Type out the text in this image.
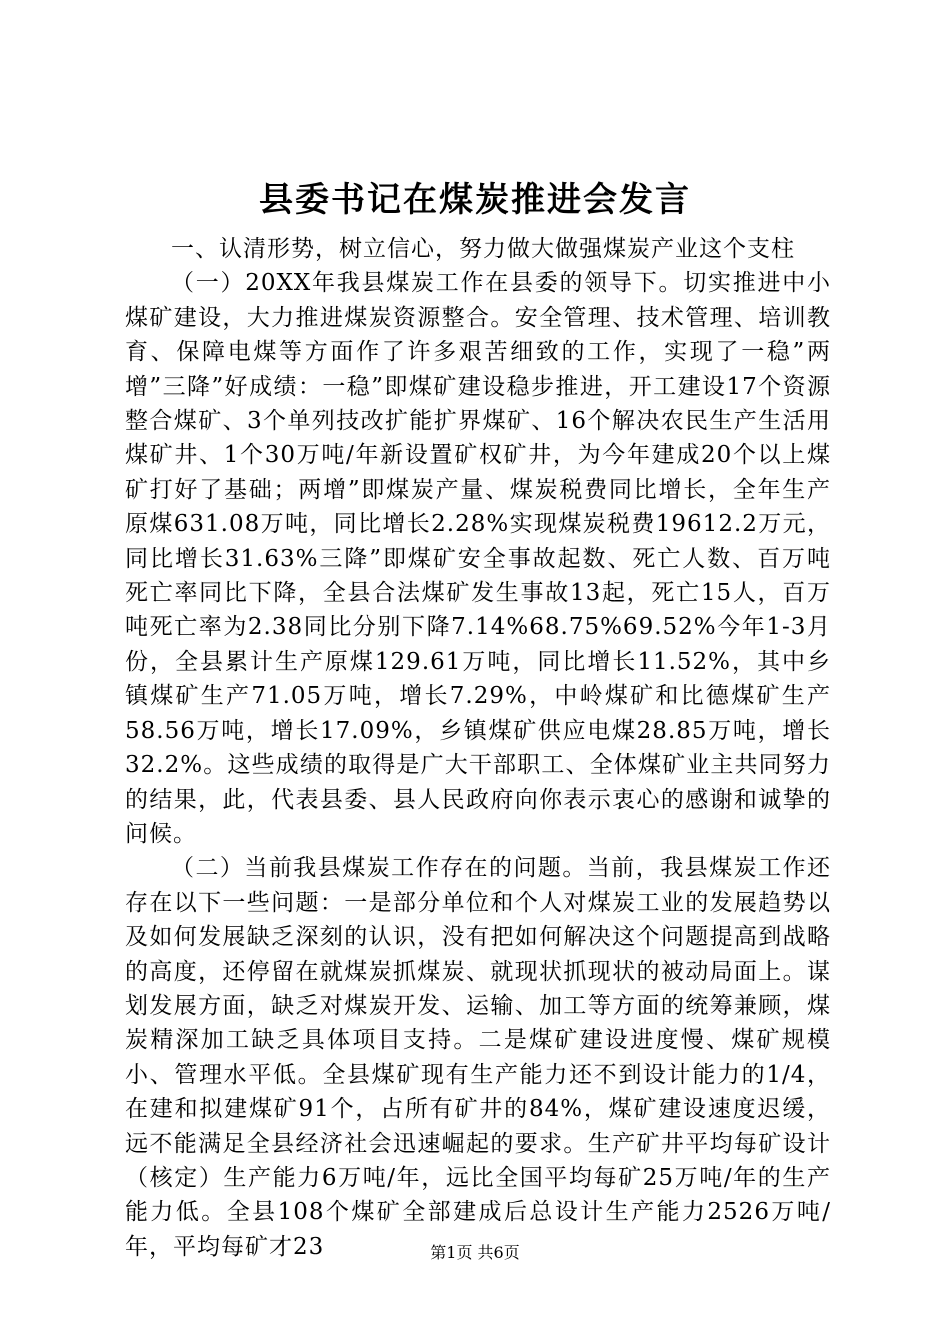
县委书记在煤炭推进会发言

一、认清形势，树立信心，努力做大做强煤炭产业这个支柱

（一）20XX年我县煤炭工作在县委的领导下。切实推进中小煤矿建设，大力推进煤炭资源整合。安全管理、技术管理、培训教育、保障电煤等方面作了许多艰苦细致的工作，实现了一稳”两增”三降”好成绩：一稳”即煤矿建设稳步推进，开工建设17个资源整合煤矿、3个单列技改扩能扩界煤矿、16个解决农民生产生活用煤矿井、1个30万吨/年新设置矿权矿井，为今年建成20个以上煤矿打好了基础；两增”即煤炭产量、煤炭税费同比增长，全年生产原煤631.08万吨，同比增长2.28%实现煤炭税费19612.2万元，同比增长31.63%三降”即煤矿安全事故起数、死亡人数、百万吨死亡率同比下降，全县合法煤矿发生事故13起，死亡15人，百万吨死亡率为2.38同比分别下降7.14%68.75%69.52%今年1-3月份，全县累计生产原煤129.61万吨，同比增长11.52%，其中乡镇煤矿生产71.05万吨，增长7.29%，中岭煤矿和比德煤矿生产58.56万吨，增长17.09%，乡镇煤矿供应电煤28.85万吨，增长32.2%。这些成绩的取得是广大干部职工、全体煤矿业主共同努力的结果，此，代表县委、县人民政府向你表示衷心的感谢和诚挚的问候。

（二）当前我县煤炭工作存在的问题。当前，我县煤炭工作还存在以下一些问题：一是部分单位和个人对煤炭工业的发展趋势以及如何发展缺乏深刻的认识，没有把如何解决这个问题提高到战略的高度，还停留在就煤炭抓煤炭、就现状抓现状的被动局面上。谋划发展方面，缺乏对煤炭开发、运输、加工等方面的统筹兼顾，煤炭精深加工缺乏具体项目支持。二是煤矿建设进度慢、煤矿规模小、管理水平低。全县煤矿现有生产能力还不到设计能力的1/4，在建和拟建煤矿91个，占所有矿井的84%，煤矿建设速度迟缓，远不能满足全县经济社会迅速崛起的要求。生产矿井平均每矿设计（核定）生产能力6万吨/年，远比全国平均每矿25万吨/年的生产能力低。全县108个煤矿全部建成后总设计生产能力2526万吨/年，平均每矿才23	第1页 共6页
